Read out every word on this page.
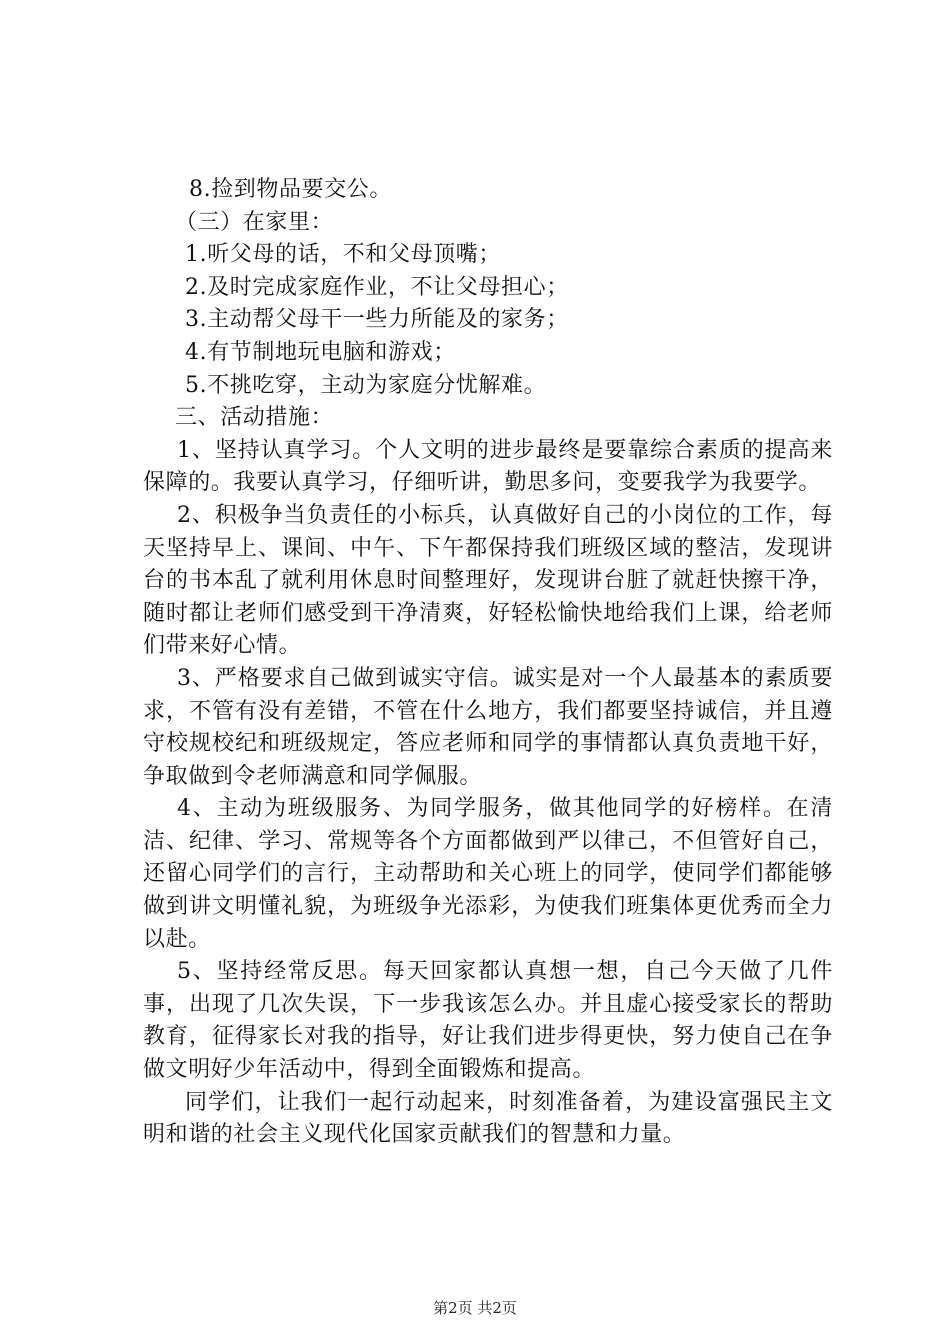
8.捡到物品要交公。

（三）在家里：

1.听父母的话，不和父母顶嘴；

2.及时完成家庭作业，不让父母担心；

3.主动帮父母干一些力所能及的家务；

4.有节制地玩电脑和游戏；

5.不挑吃穿，主动为家庭分忧解难。

三、活动措施：

1、坚持认真学习。个人文明的进步最终是要靠综合素质的提高来保障的。我要认真学习，仔细听讲，勤思多问，变要我学为我要学。

2、积极争当负责任的小标兵，认真做好自己的小岗位的工作，每天坚持早上、课间、中午、下午都保持我们班级区域的整洁，发现讲台的书本乱了就利用休息时间整理好，发现讲台脏了就赶快擦干净，随时都让老师们感受到干净清爽，好轻松愉快地给我们上课，给老师们带来好心情。

3、严格要求自己做到诚实守信。诚实是对一个人最基本的素质要求，不管有没有差错，不管在什么地方，我们都要坚持诚信，并且遵守校规校纪和班级规定，答应老师和同学的事情都认真负责地干好，争取做到令老师满意和同学佩服。

4、主动为班级服务、为同学服务，做其他同学的好榜样。在清洁、纪律、学习、常规等各个方面都做到严以律己，不但管好自己，还留心同学们的言行，主动帮助和关心班上的同学，使同学们都能够做到讲文明懂礼貌，为班级争光添彩，为使我们班集体更优秀而全力以赴。

5、坚持经常反思。每天回家都认真想一想，自己今天做了几件事，出现了几次失误，下一步我该怎么办。并且虚心接受家长的帮助教育，征得家长对我的指导，好让我们进步得更快，努力使自己在争做文明好少年活动中，得到全面锻炼和提高。

同学们，让我们一起行动起来，时刻准备着，为建设富强民主文明和谐的社会主义现代化国家贡献我们的智慧和力量。

第2页 共2页
